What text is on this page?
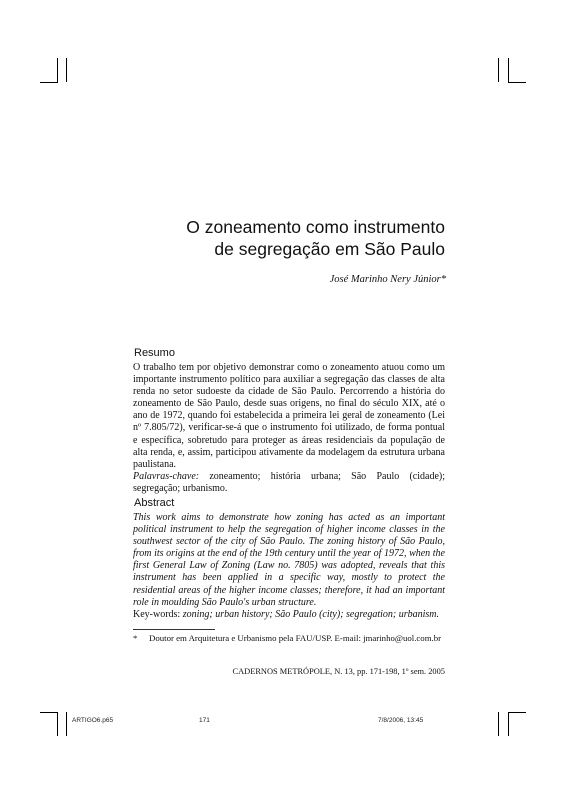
O zoneamento como instrumento
de segregação em São Paulo
José Marinho Nery Júnior*
Resumo

O trabalho tem por objetivo demonstrar como o zoneamento atuou como um importante instrumento político para auxiliar a segregação das classes de alta renda no setor sudoeste da cidade de São Paulo. Percorrendo a história do zoneamento de São Paulo, desde suas origens, no final do século XIX, até o ano de 1972, quando foi estabelecida a primeira lei geral de zoneamento (Lei nº 7.805/72), verificar-se-á que o instrumento foi utilizado, de forma pontual e específica, sobretudo para proteger as áreas residenciais da população de alta renda, e, assim, participou ativamente da modelagem da estrutura urbana paulistana.

Palavras-chave: zoneamento; história urbana; São Paulo (cidade); segregação; urbanismo.

Abstract

This work aims to demonstrate how zoning has acted as an important political instrument to help the segregation of higher income classes in the southwest sector of the city of São Paulo. The zoning history of São Paulo, from its origins at the end of the 19th century until the year of 1972, when the first General Law of Zoning (Law no. 7805) was adopted, reveals that this instrument has been applied in a specific way, mostly to protect the residential areas of the higher income classes; therefore, it had an important role in moulding São Paulo's urban structure.

Key-words: zoning; urban history; São Paulo (city); segregation; urbanism.

* Doutor em Arquitetura e Urbanismo pela FAU/USP. E-mail: jmarinho@uol.com.br
CADERNOS METRÓPOLE, N. 13, pp. 171-198, 1º sem. 2005
ARTIGO6.p65	171	7/8/2006, 13:45
